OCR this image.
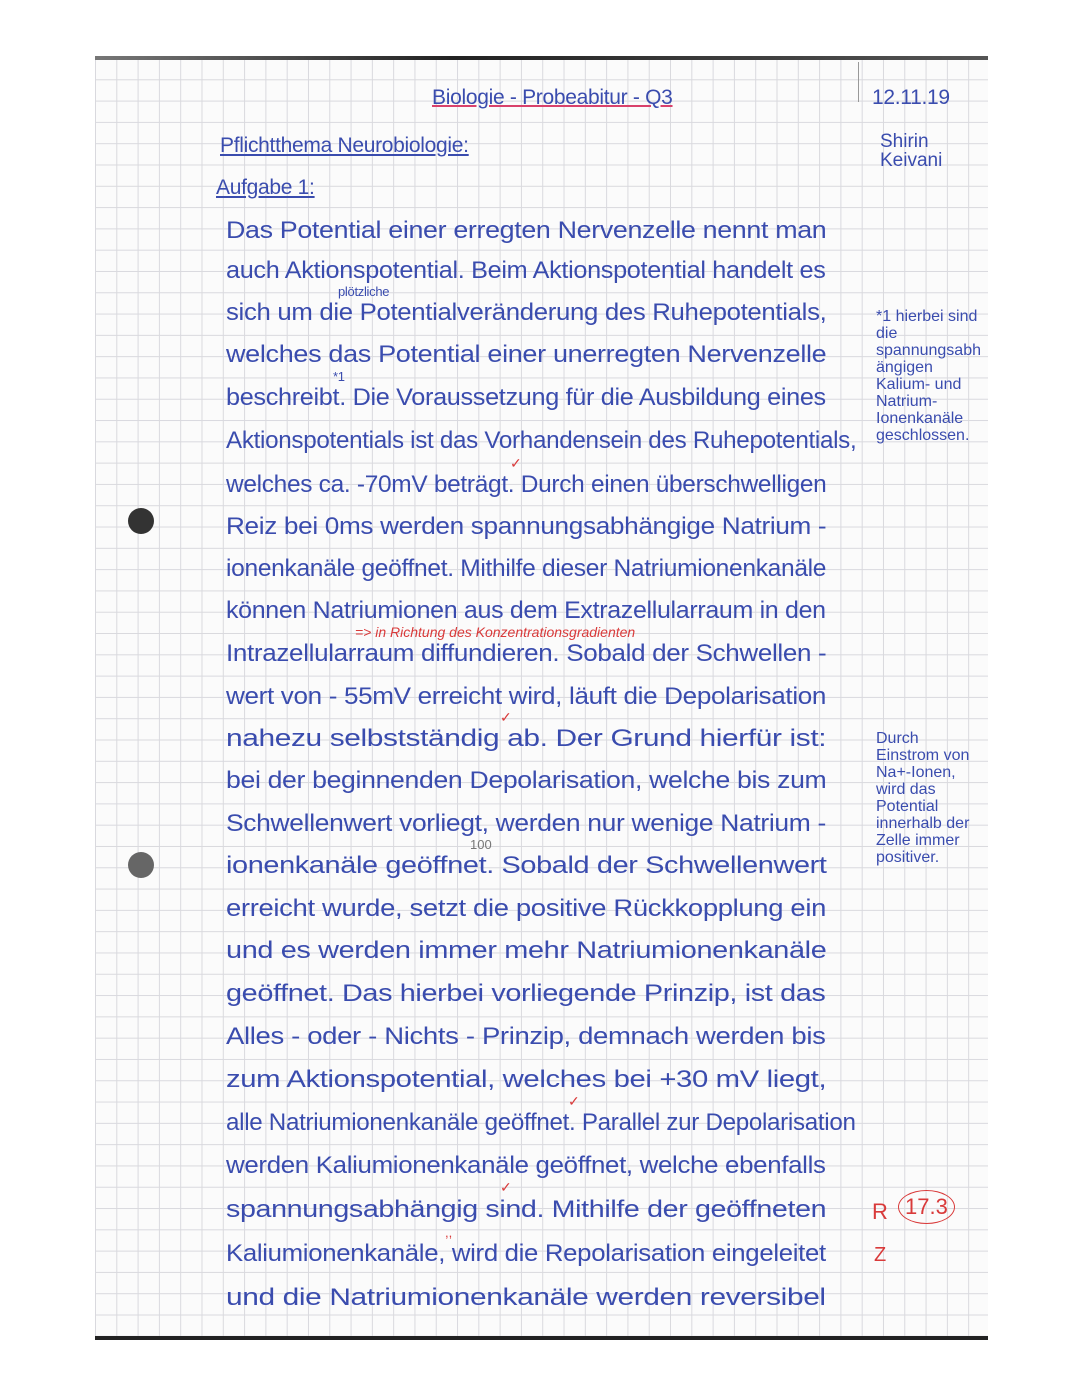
Biologie - Probeabitur - Q3	12.11.19
Shirin
Keivani
Pflichtthema Neurobiologie:
Aufgabe 1:
Das Potential einer erregten Nervenzelle nennt man
auch Aktionspotential. Beim Aktionspotential handelt es
sich um die Potentialveränderung des Ruhepotentials,
welches das Potential einer unerregten Nervenzelle
beschreibt. Die Voraussetzung für die Ausbildung eines
Aktionspotentials ist das Vorhandensein des Ruhepotentials,
welches ca. -70mV beträgt. Durch einen überschwelligen
Reiz bei 0ms werden spannungsabhängige Natrium -
ionenkanäle geöffnet. Mithilfe dieser Natriumionenkanäle
können Natriumionen aus dem Extrazellularraum in den
Intrazellularraum diffundieren. Sobald der Schwellen -
wert von - 55mV erreicht wird, läuft die Depolarisation
nahezu selbstständig ab. Der Grund hierfür ist:
bei der beginnenden Depolarisation, welche bis zum
Schwellenwert vorliegt, werden nur wenige Natrium -
ionenkanäle geöffnet. Sobald der Schwellenwert
erreicht wurde, setzt die positive Rückkopplung ein
und es werden immer mehr Natriumionenkanäle
geöffnet. Das hierbei vorliegende Prinzip, ist das
Alles - oder - Nichts - Prinzip, demnach werden bis
zum Aktionspotential, welches bei +30 mV liegt,
alle Natriumionenkanäle geöffnet. Parallel zur Depolarisation
werden Kaliumionenkanäle geöffnet, welche ebenfalls
spannungsabhängig sind. Mithilfe der geöffneten
Kaliumionenkanäle, wird die Repolarisation eingeleitet
und die Natriumionenkanäle werden reversibel
plötzliche
*1
*1 hierbei sind die spannungsabhängigen Kalium- und Natrium-Ionenkanäle geschlossen.
Durch Einstrom von Na+-Ionen, wird das Potential innerhalb der Zelle immer positiver.
=> in Richtung des Konzentrationsgradienten
100
✓
✓
✓
✓
R 17.3
Z
,,
